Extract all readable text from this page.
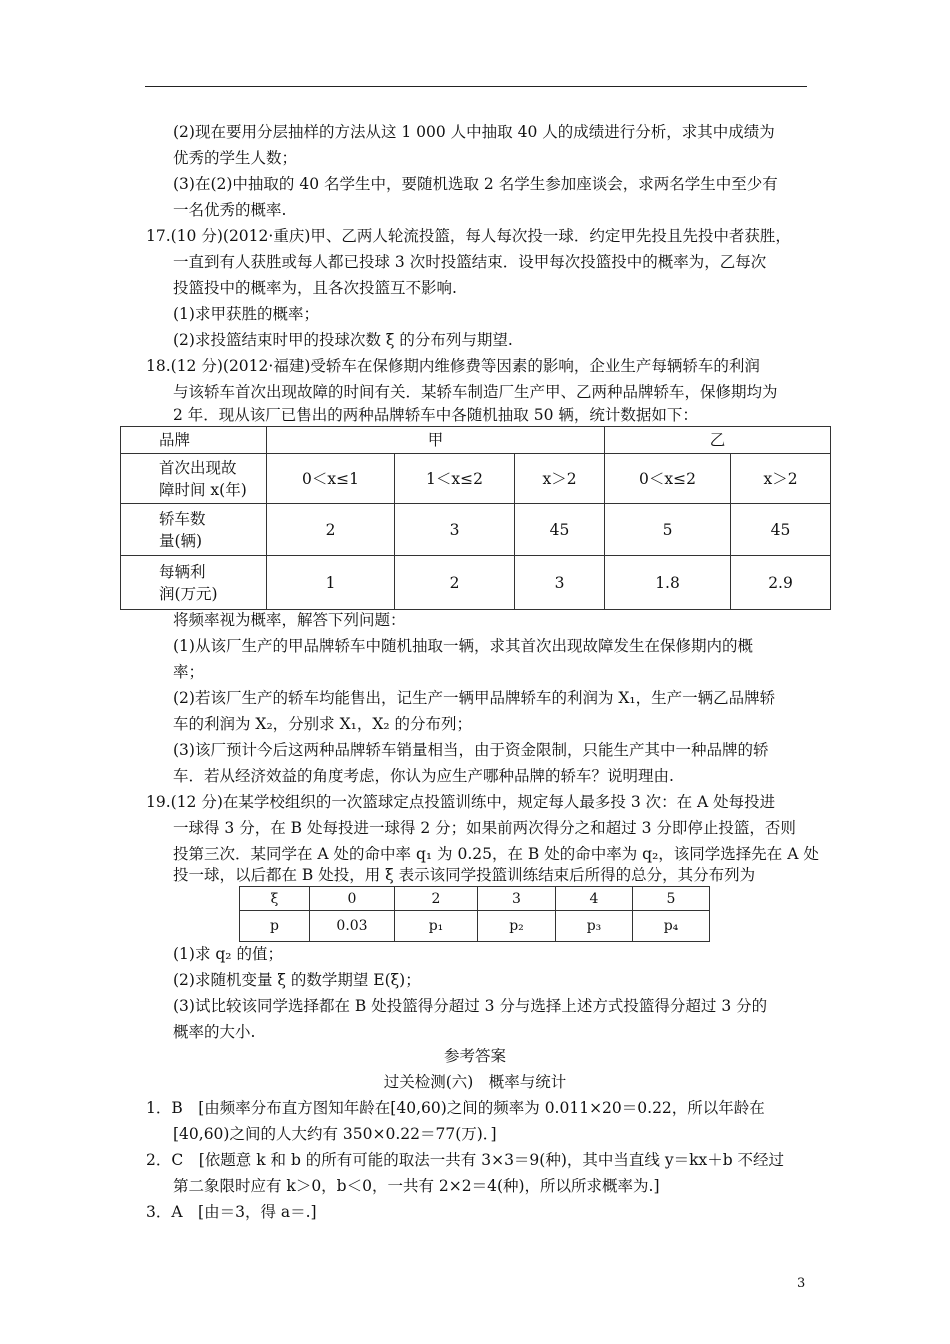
(2)现在要用分层抽样的方法从这 1 000 人中抽取 40 人的成绩进行分析，求其中成绩为
优秀的学生人数；
(3)在(2)中抽取的 40 名学生中，要随机选取 2 名学生参加座谈会，求两名学生中至少有
一名优秀的概率.
17.(10 分)(2012·重庆)甲、乙两人轮流投篮，每人每次投一球．约定甲先投且先投中者获胜，
一直到有人获胜或每人都已投球 3 次时投篮结束．设甲每次投篮投中的概率为，乙每次
投篮投中的概率为，且各次投篮互不影响.
(1)求甲获胜的概率；
(2)求投篮结束时甲的投球次数 ξ 的分布列与期望.
18.(12 分)(2012·福建)受轿车在保修期内维修费等因素的影响，企业生产每辆轿车的利润
与该轿车首次出现故障的时间有关．某轿车制造厂生产甲、乙两种品牌轿车，保修期均为
2 年．现从该厂已售出的两种品牌轿车中各随机抽取 50 辆，统计数据如下：
品牌	甲			乙	

首次出现故
障时间 x(年)	0＜x≤1	1＜x≤2	x＞2	0＜x≤2	x＞2

轿车数
量(辆)	2	3	45	5	45

每辆利
润(万元)	1	2	3	1.8	2.9
将频率视为概率，解答下列问题：
(1)从该厂生产的甲品牌轿车中随机抽取一辆，求其首次出现故障发生在保修期内的概
率；
(2)若该厂生产的轿车均能售出，记生产一辆甲品牌轿车的利润为 X₁，生产一辆乙品牌轿
车的利润为 X₂，分别求 X₁，X₂ 的分布列；
(3)该厂预计今后这两种品牌轿车销量相当，由于资金限制，只能生产其中一种品牌的轿
车．若从经济效益的角度考虑，你认为应生产哪种品牌的轿车？说明理由.
19.(12 分)在某学校组织的一次篮球定点投篮训练中，规定每人最多投 3 次：在 A 处每投进
一球得 3 分，在 B 处每投进一球得 2 分；如果前两次得分之和超过 3 分即停止投篮，否则
投第三次．某同学在 A 处的命中率 q₁ 为 0.25，在 B 处的命中率为 q₂，该同学选择先在 A 处
投一球，以后都在 B 处投，用 ξ 表示该同学投篮训练结束后所得的总分，其分布列为
ξ	0	2	3	4	5
p	0.03	p₁	p₂	p₃	p₄
(1)求 q₂ 的值；
(2)求随机变量 ξ 的数学期望 E(ξ)；
(3)试比较该同学选择都在 B 处投篮得分超过 3 分与选择上述方式投篮得分超过 3 分的
概率的大小.
参考答案
过关检测(六)　概率与统计
1．B　[由频率分布直方图知年龄在[40,60)之间的频率为 0.011×20＝0.22，所以年龄在
[40,60)之间的人大约有 350×0.22＝77(万)．]
2．C　[依题意 k 和 b 的所有可能的取法一共有 3×3＝9(种)，其中当直线 y＝kx＋b 不经过
第二象限时应有 k＞0，b＜0，一共有 2×2＝4(种)，所以所求概率为.]
3．A　[由＝3，得 a＝.]
3
